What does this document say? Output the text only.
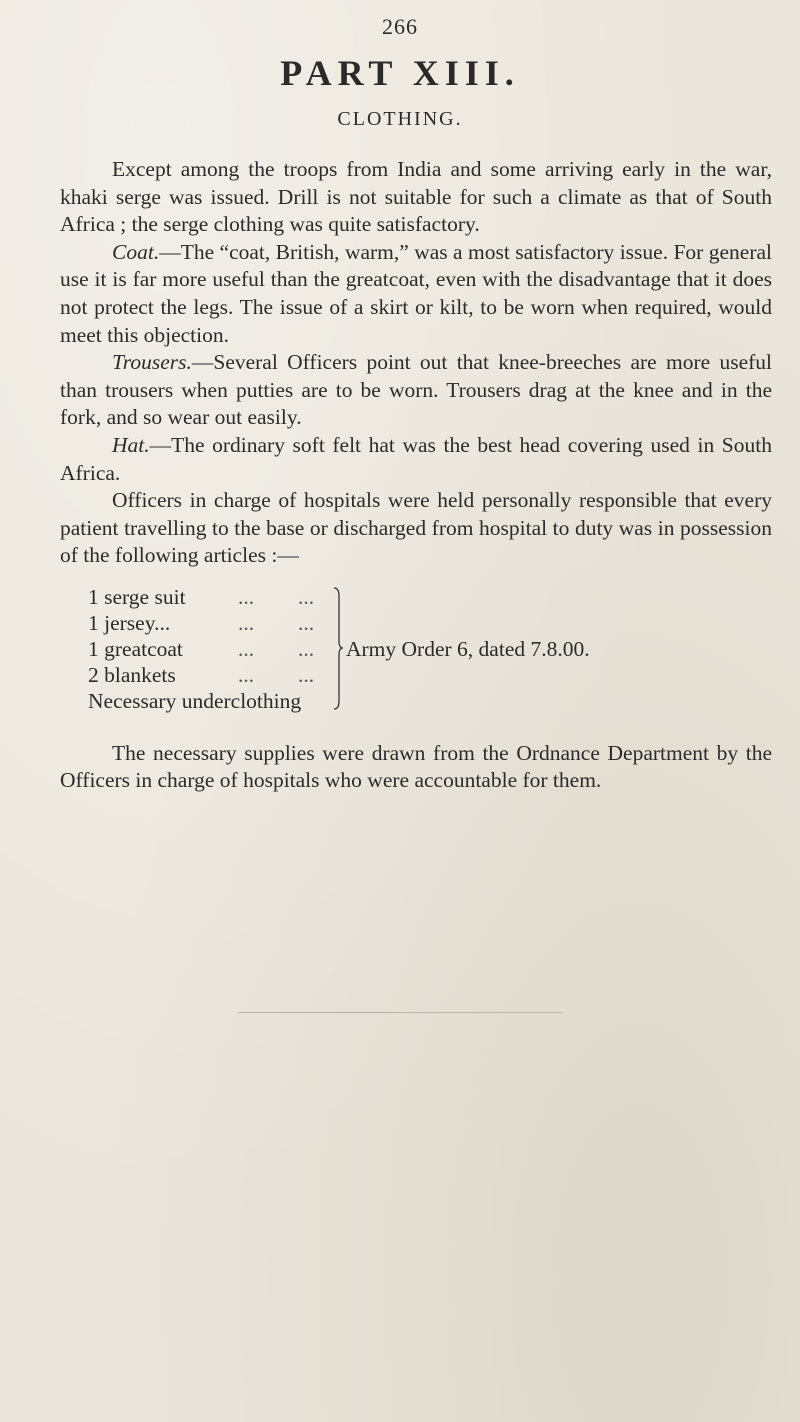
266
PART XIII.
CLOTHING.

Except among the troops from India and some arriving early in the war, khaki serge was issued. Drill is not suitable for such a climate as that of South Africa ; the serge clothing was quite satisfactory.

Coat.—The “coat, British, warm,” was a most satisfactory issue. For general use it is far more useful than the greatcoat, even with the disadvantage that it does not protect the legs. The issue of a skirt or kilt, to be worn when required, would meet this objection.

Trousers.—Several Officers point out that knee-breeches are more useful than trousers when putties are to be worn. Trousers drag at the knee and in the fork, and so wear out easily.

Hat.—The ordinary soft felt hat was the best head covering used in South Africa.

Officers in charge of hospitals were held personally responsible that every patient travelling to the base or discharged from hospital to duty was in possession of the following articles :—

1 serge suit ... ...
1 jersey...	... ...
1 greatcoat	... ...
2 blankets	... ...
Necessary underclothing
Army Order 6, dated 7.8.00.

The necessary supplies were drawn from the Ordnance Department by the Officers in charge of hospitals who were accountable for them.
